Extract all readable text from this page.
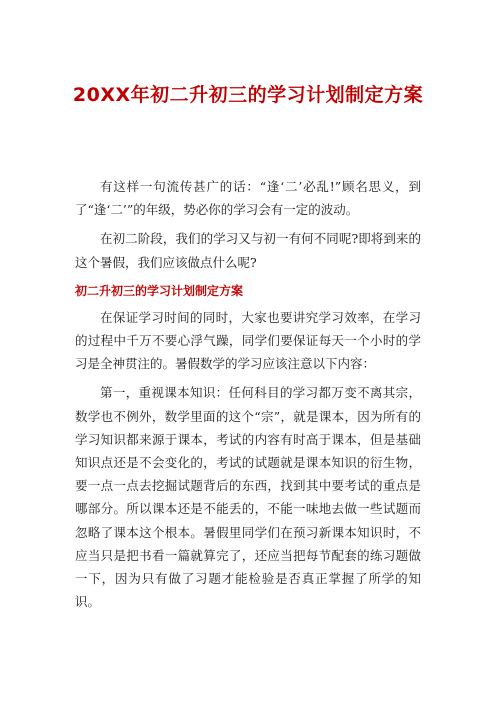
20XX年初二升初三的学习计划制定方案

有这样一句流传甚广的话：“逢‘二’必乱!”顾名思义，到了“逢‘二’”的年级，势必你的学习会有一定的波动。

在初二阶段，我们的学习又与初一有何不同呢?即将到来的这个暑假，我们应该做点什么呢?

初二升初三的学习计划制定方案

在保证学习时间的同时，大家也要讲究学习效率，在学习的过程中千万不要心浮气躁，同学们要保证每天一个小时的学习是全神贯注的。暑假数学的学习应该注意以下内容：

第一，重视课本知识：任何科目的学习都万变不离其宗，数学也不例外，数学里面的这个“宗”，就是课本，因为所有的学习知识都来源于课本，考试的内容有时高于课本，但是基础知识点还是不会变化的，考试的试题就是课本知识的衍生物，要一点一点去挖掘试题背后的东西，找到其中要考试的重点是哪部分。所以课本还是不能丢的，不能一味地去做一些试题而忽略了课本这个根本。暑假里同学们在预习新课本知识时，不应当只是把书看一篇就算完了，还应当把每节配套的练习题做一下，因为只有做了习题才能检验是否真正掌握了所学的知识。
